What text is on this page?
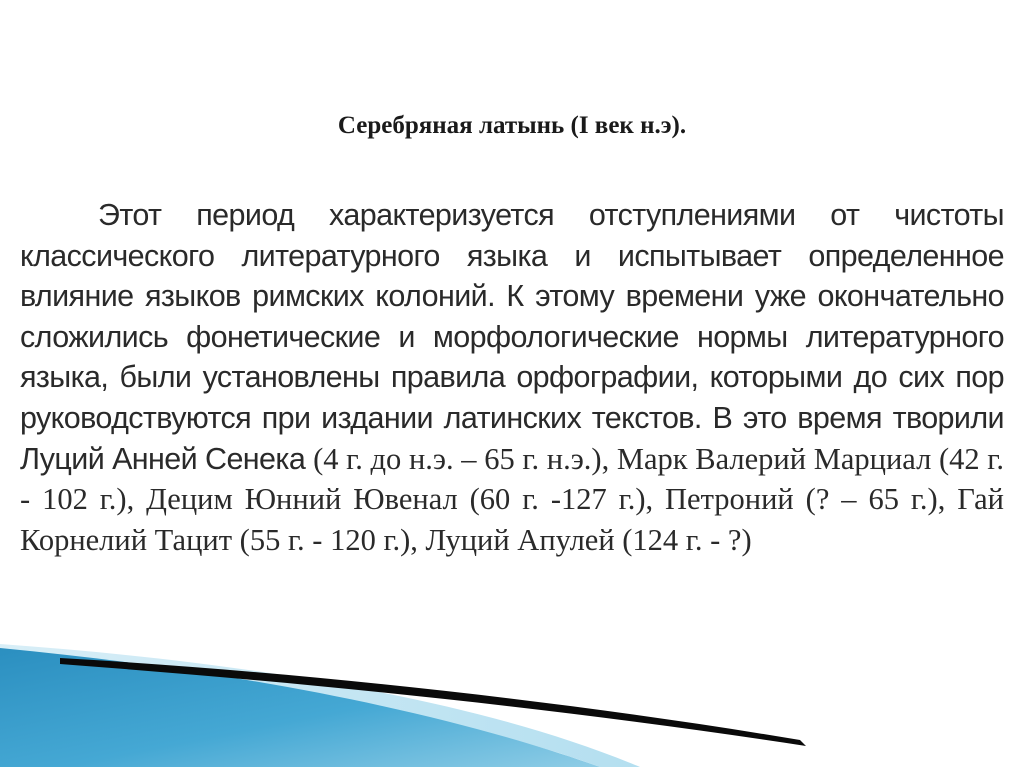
Серебряная латынь (I век н.э).

Этот период характеризуется отступлениями от чистоты классического литературного языка и испытывает определенное влияние языков римских колоний. К этому времени уже окончательно сложились фонетические и морфологические нормы литературного языка, были установлены правила орфографии, которыми до сих пор руководствуются при издании латинских текстов. В это время творили Луций Анней Сенека (4 г. до н.э. – 65 г. н.э.), Марк Валерий Марциал (42 г. - 102 г.), Децим Юнний Ювенал (60 г. -127 г.), Петроний (? – 65 г.), Гай Корнелий Тацит (55 г. - 120 г.), Луций Апулей (124 г. - ?)
